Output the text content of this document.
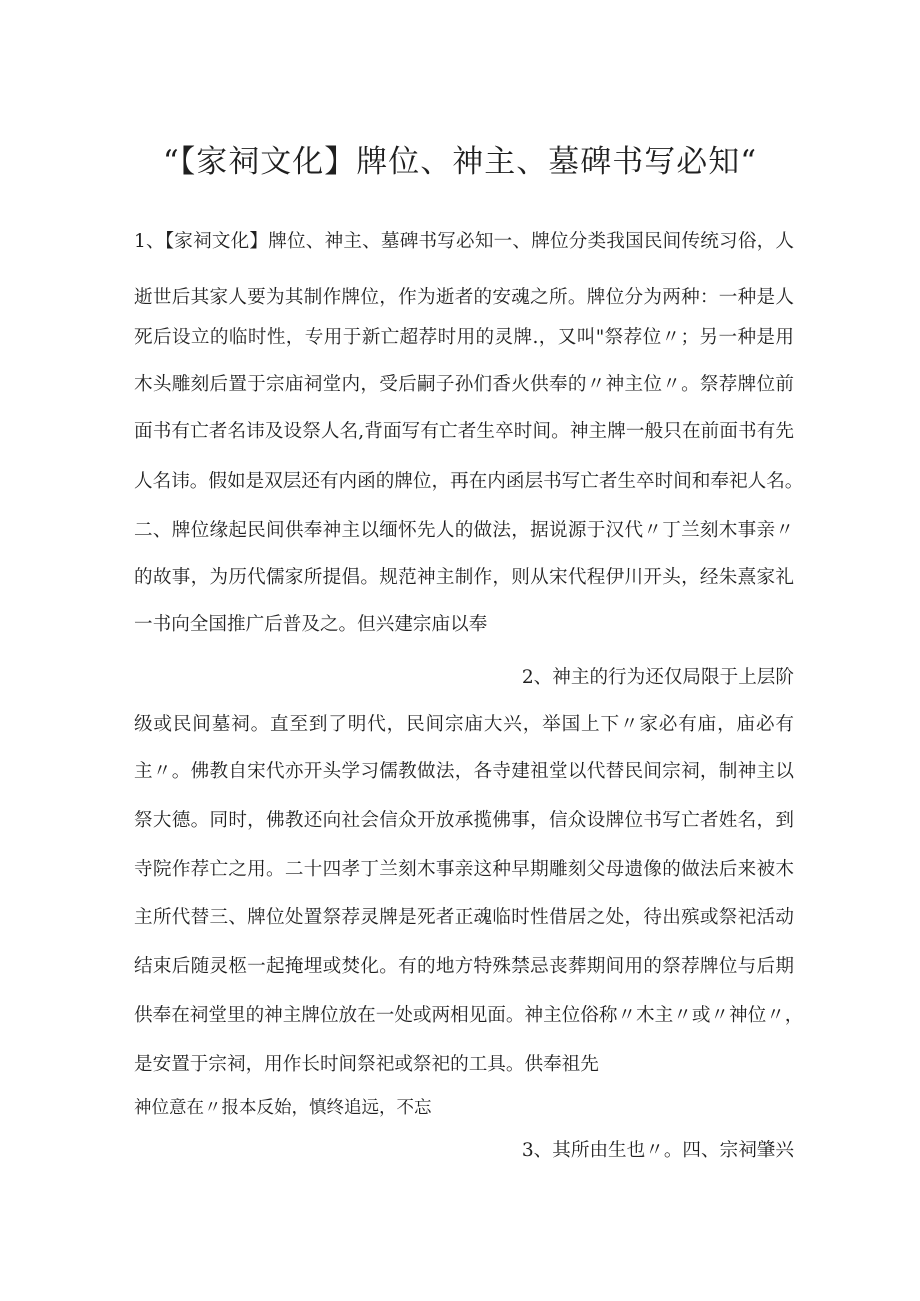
“【家祠文化】牌位、神主、墓碑书写必知“
1、【家祠文化】牌位、神主、墓碑书写必知一、牌位分类我国民间传统习俗，人
逝世后其家人要为其制作牌位，作为逝者的安魂之所。牌位分为两种：一种是人
死后设立的临时性，专用于新亡超荐时用的灵牌.，又叫"祭荐位〃；另一种是用
木头雕刻后置于宗庙祠堂内，受后嗣子孙们香火供奉的〃神主位〃。祭荐牌位前
面书有亡者名讳及设祭人名,背面写有亡者生卒时间。神主牌一般只在前面书有先
人名讳。假如是双层还有内函的牌位，再在内函层书写亡者生卒时间和奉祀人名。
二、牌位缘起民间供奉神主以缅怀先人的做法，据说源于汉代〃丁兰刻木事亲〃
的故事，为历代儒家所提倡。规范神主制作，则从宋代程伊川开头，经朱熹家礼
一书向全国推广后普及之。但兴建宗庙以奉
2、神主的行为还仅局限于上层阶
级或民间墓祠。直至到了明代，民间宗庙大兴，举国上下〃家必有庙，庙必有
主〃。佛教自宋代亦开头学习儒教做法，各寺建祖堂以代替民间宗祠，制神主以
祭大德。同时，佛教还向社会信众开放承揽佛事，信众设牌位书写亡者姓名，到
寺院作荐亡之用。二十四孝丁兰刻木事亲这种早期雕刻父母遗像的做法后来被木
主所代替三、牌位处置祭荐灵牌是死者正魂临时性借居之处，待出殡或祭祀活动
结束后随灵柩一起掩埋或焚化。有的地方特殊禁忌丧葬期间用的祭荐牌位与后期
供奉在祠堂里的神主牌位放在一处或两相见面。神主位俗称〃木主〃或〃神位〃，
是安置于宗祠，用作长时间祭祀或祭祀的工具。供奉祖先
神位意在〃报本反始，慎终追远，不忘
3、其所由生也〃。四、宗祠肇兴
